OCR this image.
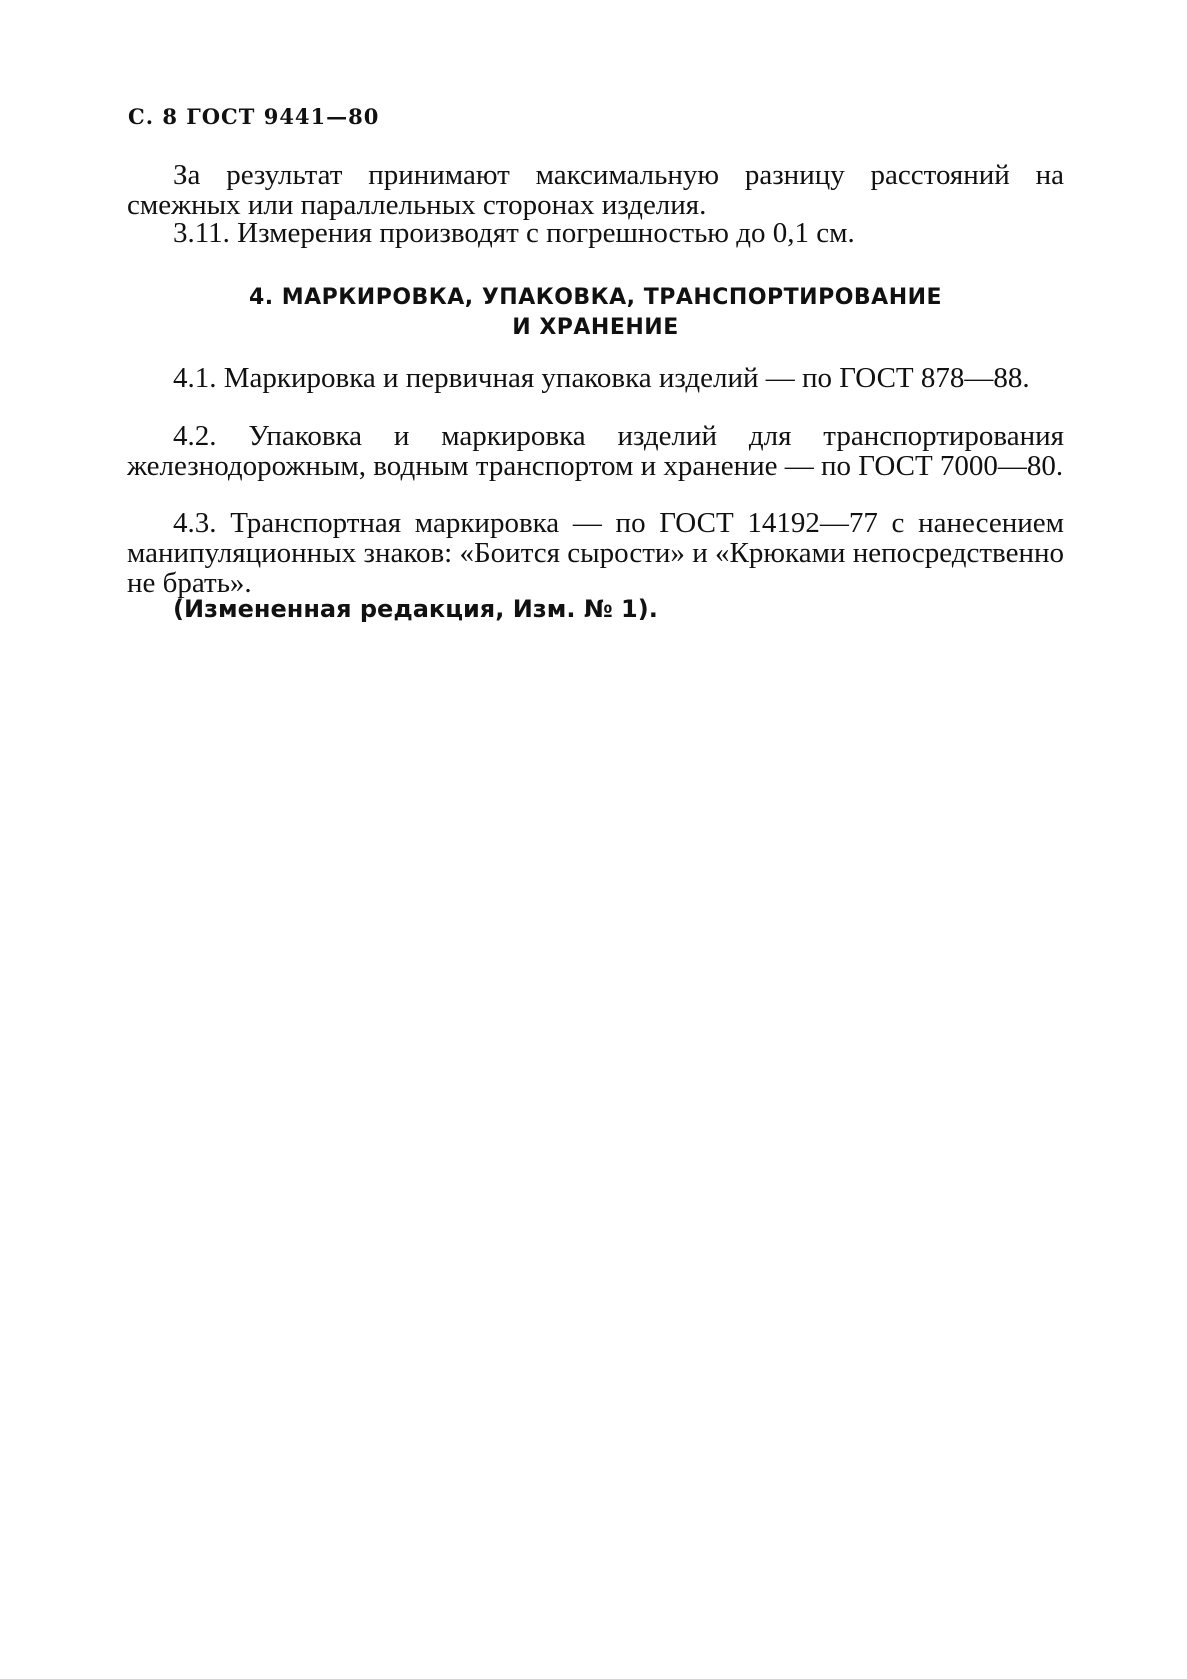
С. 8 ГОСТ 9441—80

За результат принимают максимальную разницу расстояний на смежных или параллельных сторонах изделия.

3.11. Измерения производят с погрешностью до 0,1 см.

4. МАРКИРОВКА, УПАКОВКА, ТРАНСПОРТИРОВАНИЕ
И ХРАНЕНИЕ

4.1. Маркировка и первичная упаковка изделий — по ГОСТ 878—88.

4.2. Упаковка и маркировка изделий для транспортирования железнодорожным, водным транспортом и хранение — по ГОСТ 7000—80.

4.3. Транспортная маркировка — по ГОСТ 14192—77 с нанесением манипуляционных знаков: «Боится сырости» и «Крюками непосредственно не брать».

(Измененная редакция, Изм. № 1).
